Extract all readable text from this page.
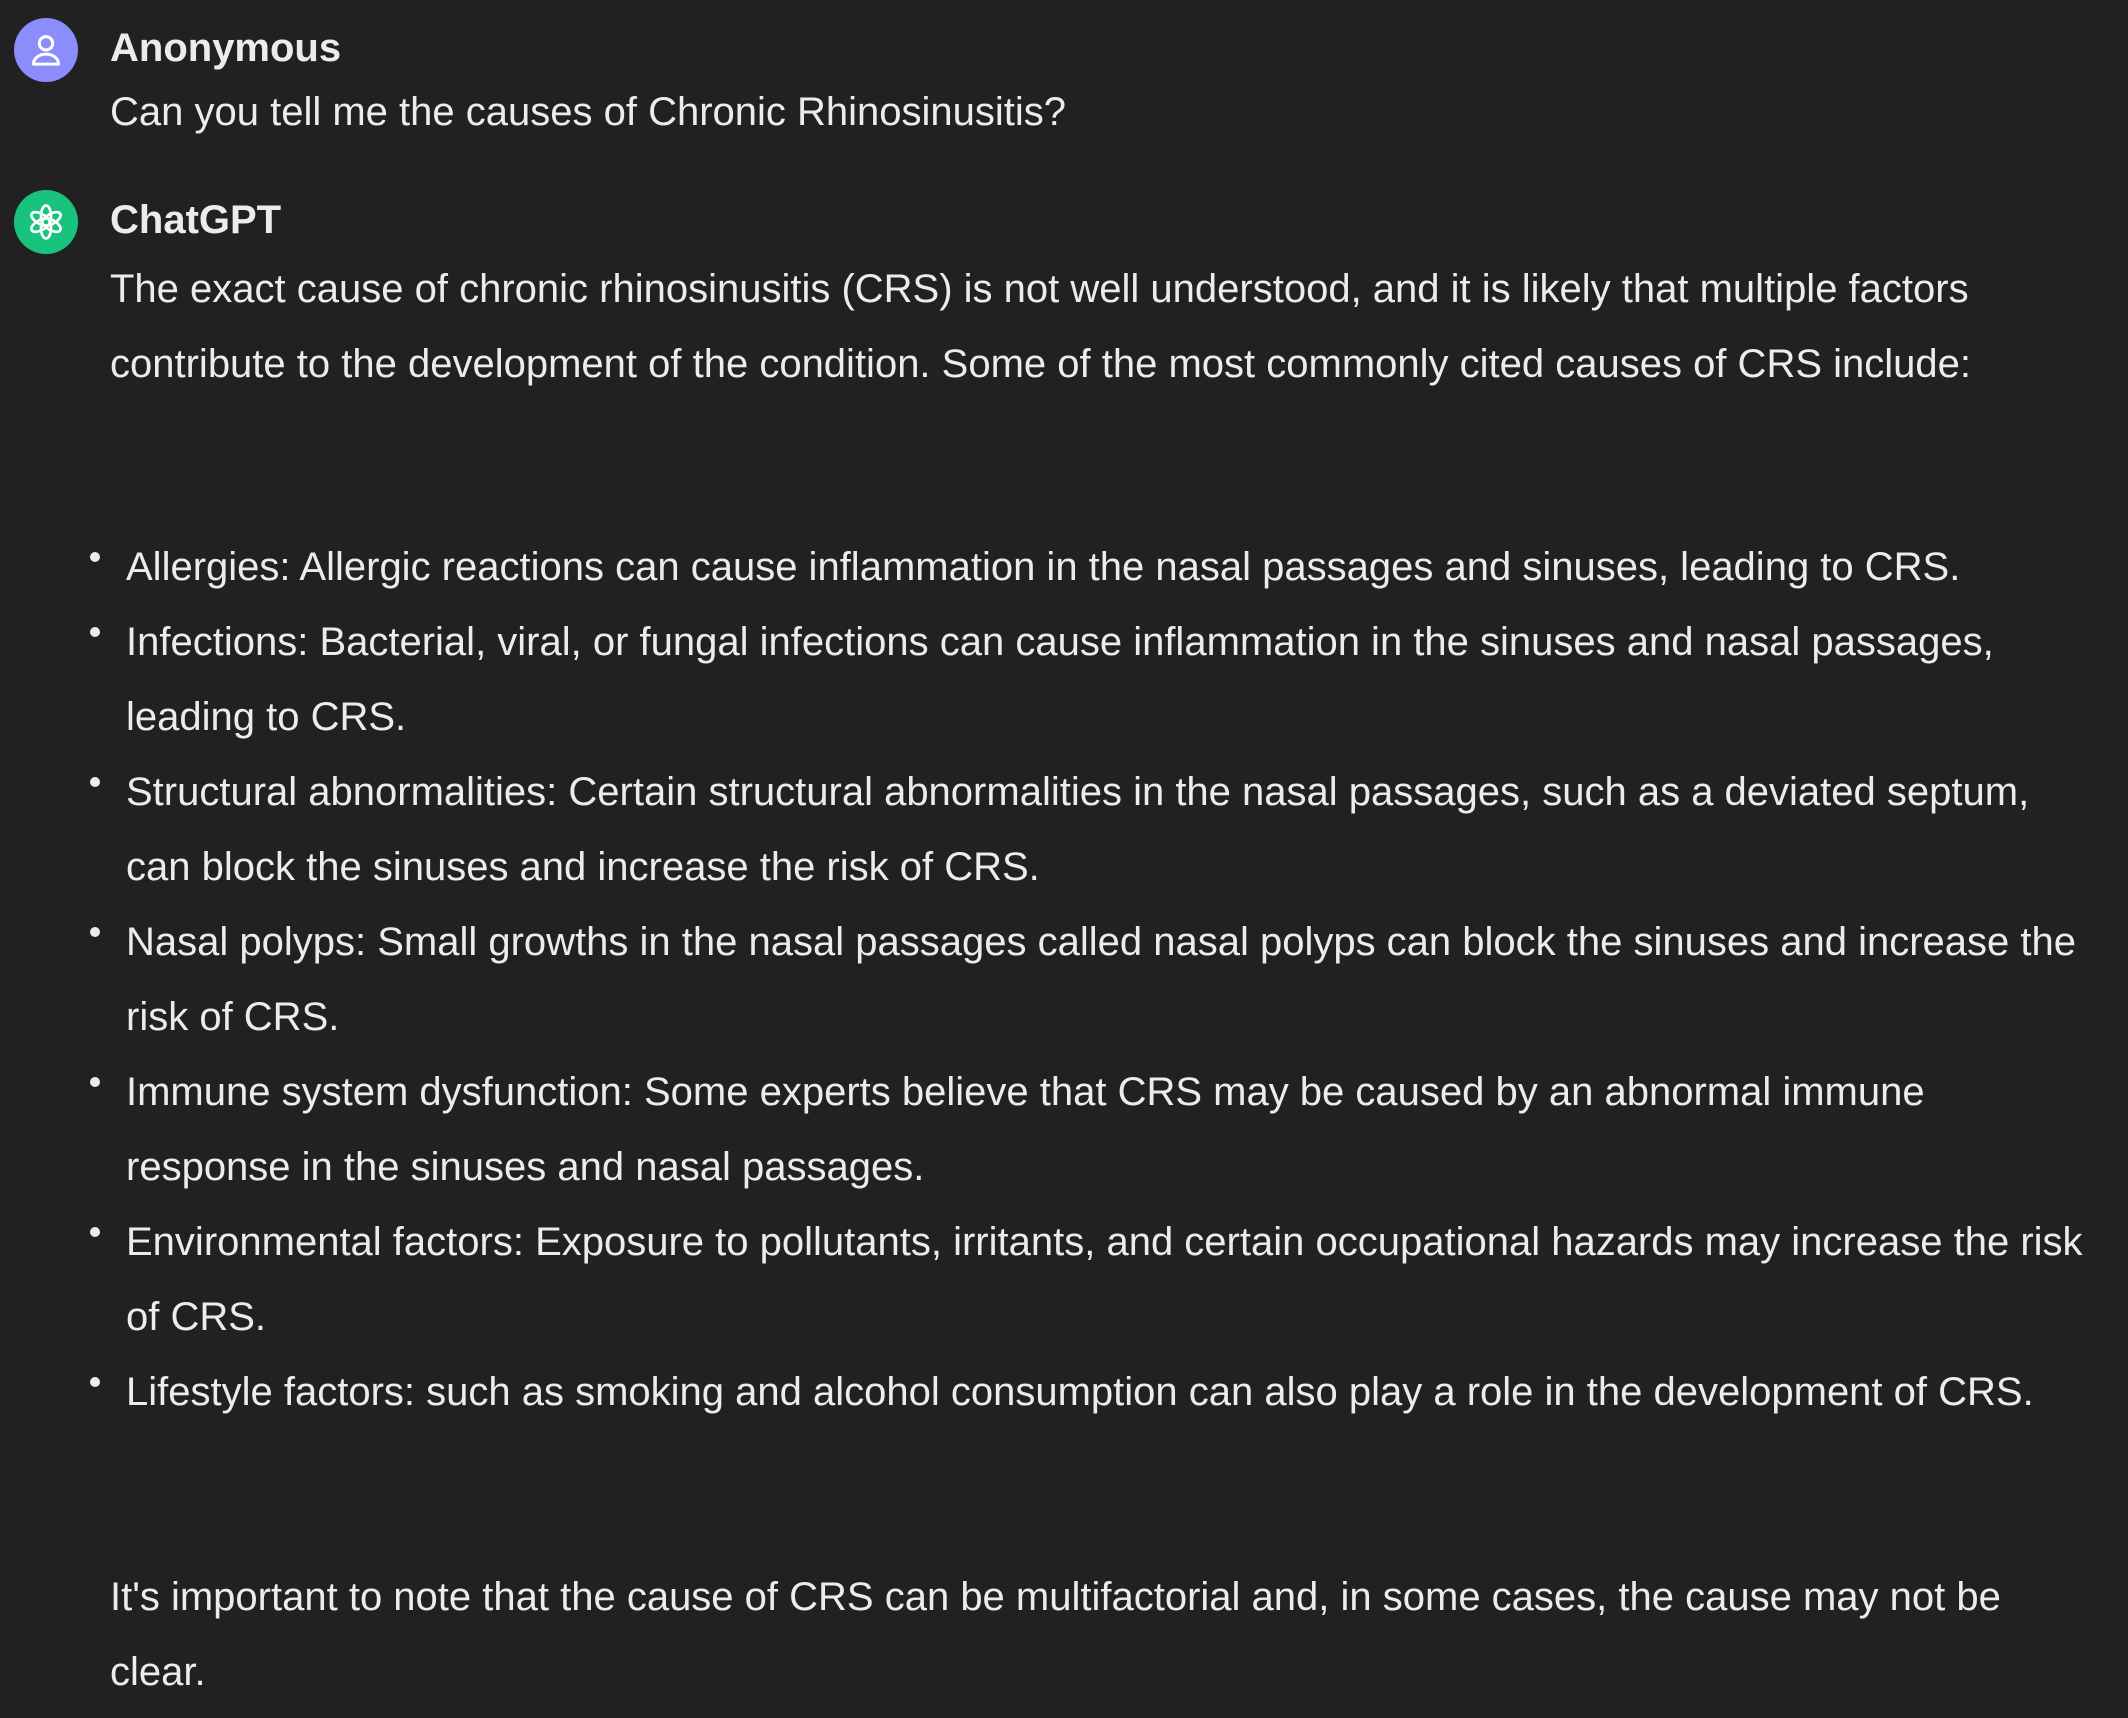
Anonymous
Can you tell me the causes of Chronic Rhinosinusitis?
ChatGPT
The exact cause of chronic rhinosinusitis (CRS) is not well understood, and it is likely that multiple factors contribute to the development of the condition. Some of the most commonly cited causes of CRS include:
Allergies: Allergic reactions can cause inflammation in the nasal passages and sinuses, leading to CRS.
Infections: Bacterial, viral, or fungal infections can cause inflammation in the sinuses and nasal passages, leading to CRS.
Structural abnormalities: Certain structural abnormalities in the nasal passages, such as a deviated septum, can block the sinuses and increase the risk of CRS.
Nasal polyps: Small growths in the nasal passages called nasal polyps can block the sinuses and increase the risk of CRS.
Immune system dysfunction: Some experts believe that CRS may be caused by an abnormal immune response in the sinuses and nasal passages.
Environmental factors: Exposure to pollutants, irritants, and certain occupational hazards may increase the risk of CRS.
Lifestyle factors: such as smoking and alcohol consumption can also play a role in the development of CRS.
It's important to note that the cause of CRS can be multifactorial and, in some cases, the cause may not be clear.
